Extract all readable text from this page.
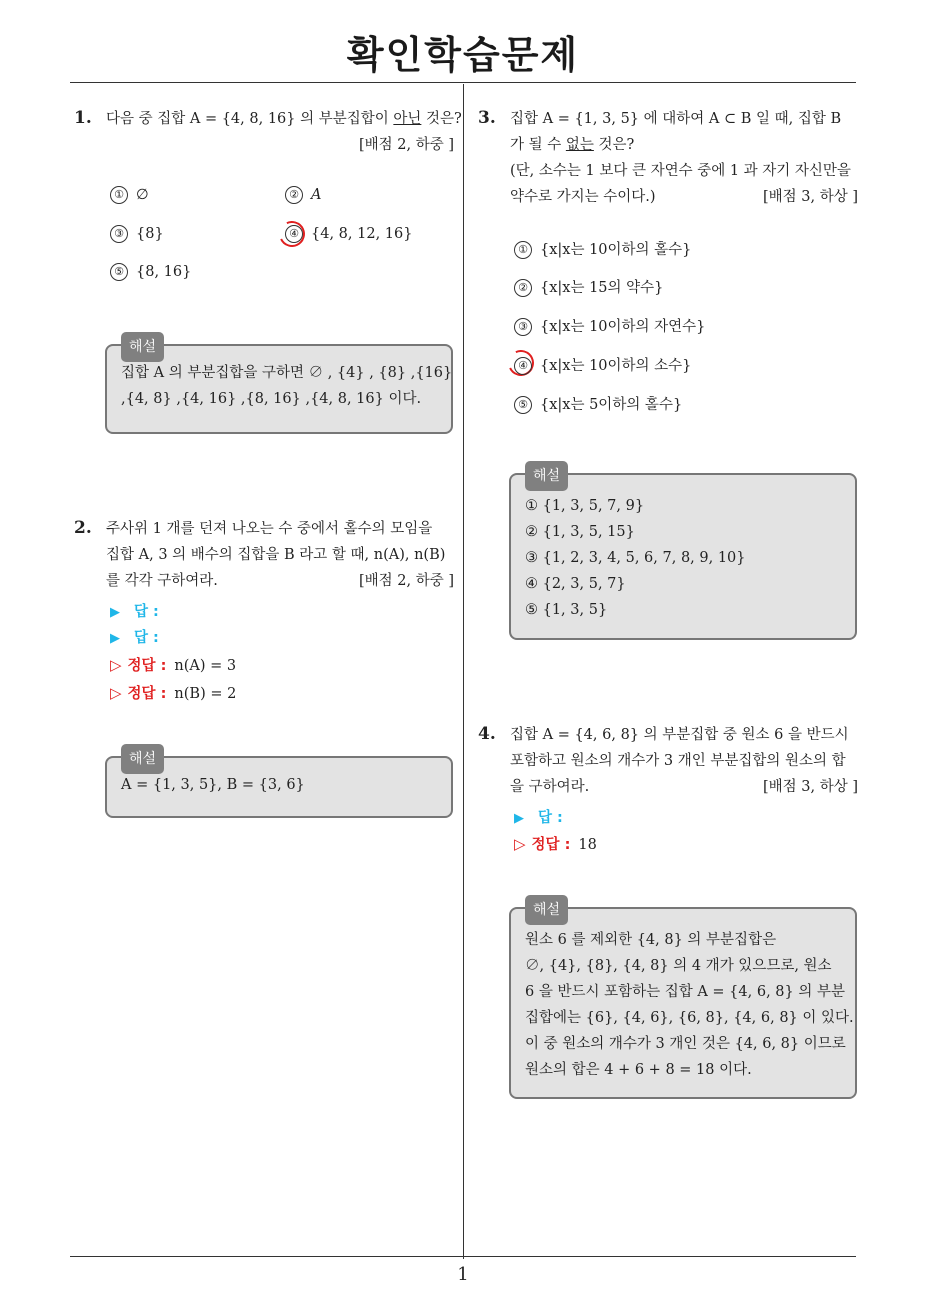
확인학습문제
1
1. 다음 중 집합 A = {4, 8, 16} 의 부분집합이 아닌 것은?
[배점 2, 하중 ]
① ∅	② A
③ {8}	④ {4, 8, 12, 16}
⑤ {8, 16}
해설
집합 A 의 부분집합을 구하면 ∅ , {4} , {8} ,{16}
,{4, 8} ,{4, 16} ,{8, 16} ,{4, 8, 16} 이다.
2. 주사위 1 개를 던져 나오는 수 중에서 홀수의 모임을
집합 A, 3 의 배수의 집합을 B 라고 할 때, n(A), n(B)
를 각각 구하여라.	[배점 2, 하중 ]
▶ 답 :
▶ 답 :
▷ 정답 : n(A) = 3
▷ 정답 : n(B) = 2
해설
A = {1, 3, 5}, B = {3, 6}
3. 집합 A = {1, 3, 5} 에 대하여 A ⊂ B 일 때, 집합 B
가 될 수 없는 것은?
(단, 소수는 1 보다 큰 자연수 중에 1 과 자기 자신만을
약수로 가지는 수이다.)	[배점 3, 하상 ]
① {x|x는 10이하의 홀수}
② {x|x는 15의 약수}
③ {x|x는 10이하의 자연수}
④ {x|x는 10이하의 소수}
⑤ {x|x는 5이하의 홀수}
해설
① {1, 3, 5, 7, 9}
② {1, 3, 5, 15}
③ {1, 2, 3, 4, 5, 6, 7, 8, 9, 10}
④ {2, 3, 5, 7}
⑤ {1, 3, 5}
4. 집합 A = {4, 6, 8} 의 부분집합 중 원소 6 을 반드시
포함하고 원소의 개수가 3 개인 부분집합의 원소의 합
을 구하여라.	[배점 3, 하상 ]
▶ 답 :
▷ 정답 : 18
해설
원소 6 를 제외한 {4, 8} 의 부분집합은
∅, {4}, {8}, {4, 8} 의 4 개가 있으므로, 원소
6 을 반드시 포함하는 집합 A = {4, 6, 8} 의 부분
집합에는 {6}, {4, 6}, {6, 8}, {4, 6, 8} 이 있다.
이 중 원소의 개수가 3 개인 것은 {4, 6, 8} 이므로
원소의 합은 4 + 6 + 8 = 18 이다.
